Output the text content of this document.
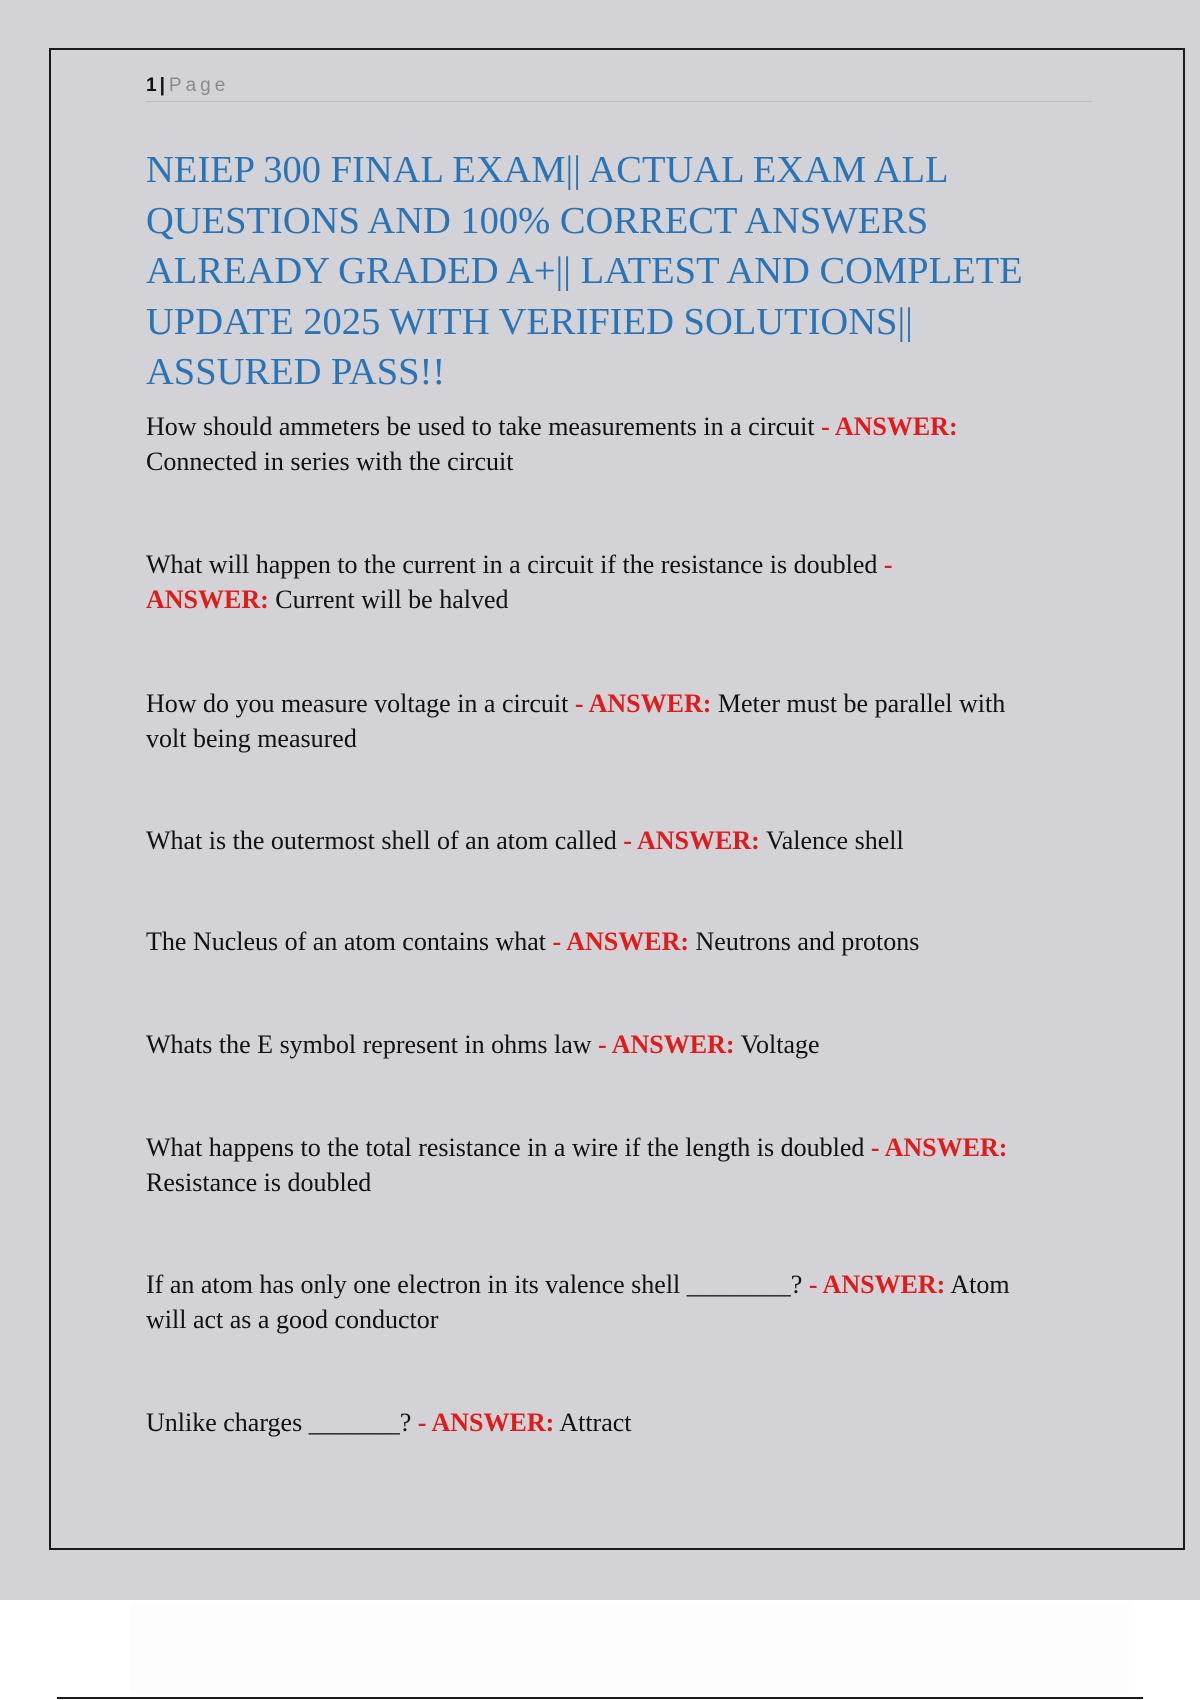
1 | Page
NEIEP 300 FINAL EXAM|| ACTUAL EXAM ALL
QUESTIONS AND 100% CORRECT ANSWERS
ALREADY GRADED A+|| LATEST AND COMPLETE
UPDATE 2025 WITH VERIFIED SOLUTIONS||
ASSURED PASS!!
How should ammeters be used to take measurements in a circuit - ANSWER:
Connected in series with the circuit
What will happen to the current in a circuit if the resistance is doubled -
ANSWER: Current will be halved
How do you measure voltage in a circuit - ANSWER: Meter must be parallel with
volt being measured
What is the outermost shell of an atom called - ANSWER: Valence shell
The Nucleus of an atom contains what - ANSWER: Neutrons and protons
Whats the E symbol represent in ohms law - ANSWER: Voltage
What happens to the total resistance in a wire if the length is doubled - ANSWER:
Resistance is doubled
If an atom has only one electron in its valence shell ________? - ANSWER: Atom
will act as a good conductor
Unlike charges _______? - ANSWER: Attract
